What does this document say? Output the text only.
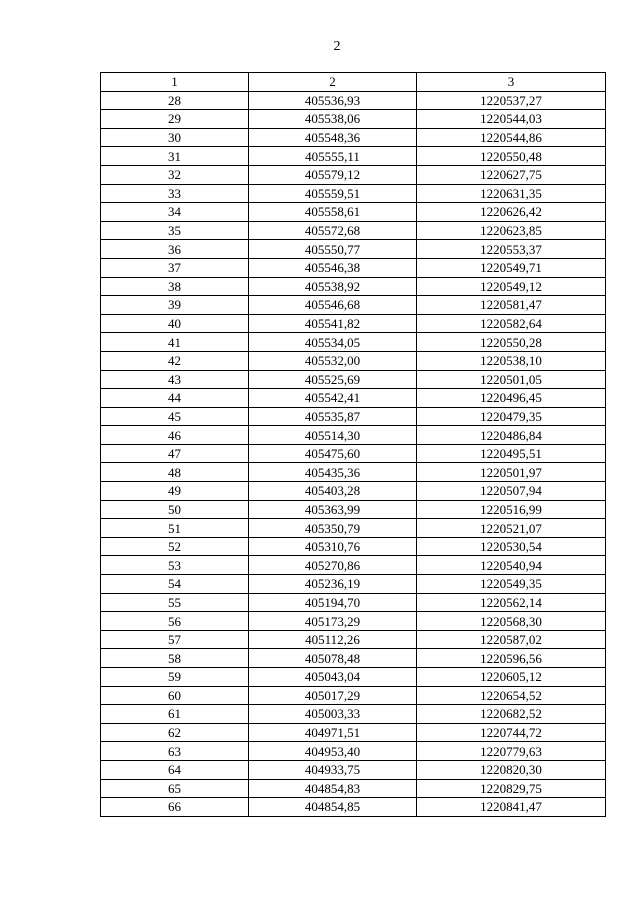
2
1	2	3
28	405536,93	1220537,27
29	405538,06	1220544,03
30	405548,36	1220544,86
31	405555,11	1220550,48
32	405579,12	1220627,75
33	405559,51	1220631,35
34	405558,61	1220626,42
35	405572,68	1220623,85
36	405550,77	1220553,37
37	405546,38	1220549,71
38	405538,92	1220549,12
39	405546,68	1220581,47
40	405541,82	1220582,64
41	405534,05	1220550,28
42	405532,00	1220538,10
43	405525,69	1220501,05
44	405542,41	1220496,45
45	405535,87	1220479,35
46	405514,30	1220486,84
47	405475,60	1220495,51
48	405435,36	1220501,97
49	405403,28	1220507,94
50	405363,99	1220516,99
51	405350,79	1220521,07
52	405310,76	1220530,54
53	405270,86	1220540,94
54	405236,19	1220549,35
55	405194,70	1220562,14
56	405173,29	1220568,30
57	405112,26	1220587,02
58	405078,48	1220596,56
59	405043,04	1220605,12
60	405017,29	1220654,52
61	405003,33	1220682,52
62	404971,51	1220744,72
63	404953,40	1220779,63
64	404933,75	1220820,30
65	404854,83	1220829,75
66	404854,85	1220841,47
